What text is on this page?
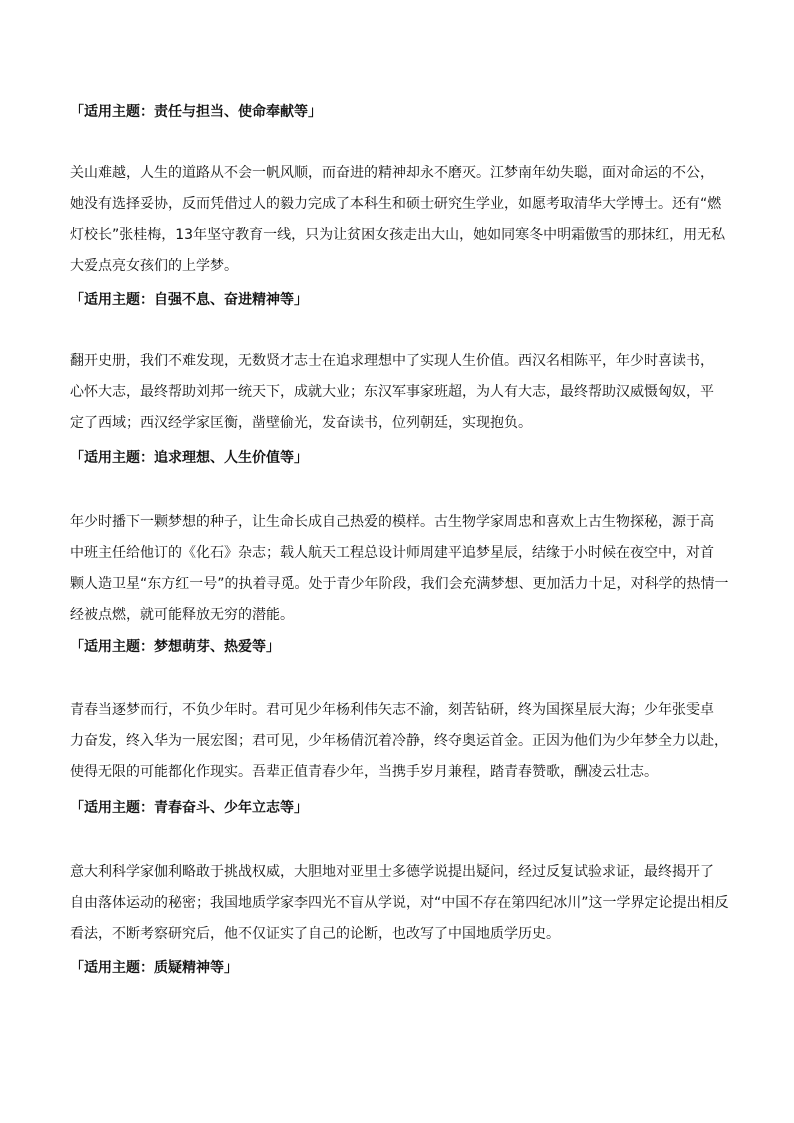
「适用主题：责任与担当、使命奉献等」
关山难越，人生的道路从不会一帆风顺，而奋进的精神却永不磨灭。江梦南年幼失聪，面对命运的不公，
她没有选择妥协，反而凭借过人的毅力完成了本科生和硕士研究生学业，如愿考取清华大学博士。还有“燃
灯校长”张桂梅，13年坚守教育一线，只为让贫困女孩走出大山，她如同寒冬中明霜傲雪的那抹红，用无私
大爱点亮女孩们的上学梦。
「适用主题：自强不息、奋进精神等」
翻开史册，我们不难发现，无数贤才志士在追求理想中了实现人生价值。西汉名相陈平，年少时喜读书，
心怀大志，最终帮助刘邦一统天下，成就大业；东汉军事家班超，为人有大志，最终帮助汉威慑匈奴，平
定了西域；西汉经学家匡衡，凿壁偷光，发奋读书，位列朝廷，实现抱负。
「适用主题：追求理想、人生价值等」
年少时播下一颗梦想的种子，让生命长成自己热爱的模样。古生物学家周忠和喜欢上古生物探秘，源于高
中班主任给他订的《化石》杂志；载人航天工程总设计师周建平追梦星辰，结缘于小时候在夜空中，对首
颗人造卫星“东方红一号”的执着寻觅。处于青少年阶段，我们会充满梦想、更加活力十足，对科学的热情一
经被点燃，就可能释放无穷的潜能。
「适用主题：梦想萌芽、热爱等」
青春当逐梦而行，不负少年时。君可见少年杨利伟矢志不渝，刻苦钻研，终为国探星辰大海；少年张雯卓
力奋发，终入华为一展宏图；君可见，少年杨倩沉着冷静，终夺奥运首金。正因为他们为少年梦全力以赴，
使得无限的可能都化作现实。吾辈正值青春少年，当携手岁月兼程，踏青春赞歌，酬凌云壮志。
「适用主题：青春奋斗、少年立志等」
意大利科学家伽利略敢于挑战权威，大胆地对亚里士多德学说提出疑问，经过反复试验求证，最终揭开了
自由落体运动的秘密；我国地质学家李四光不盲从学说，对“中国不存在第四纪冰川”这一学界定论提出相反
看法，不断考察研究后，他不仅证实了自己的论断，也改写了中国地质学历史。
「适用主题：质疑精神等」
